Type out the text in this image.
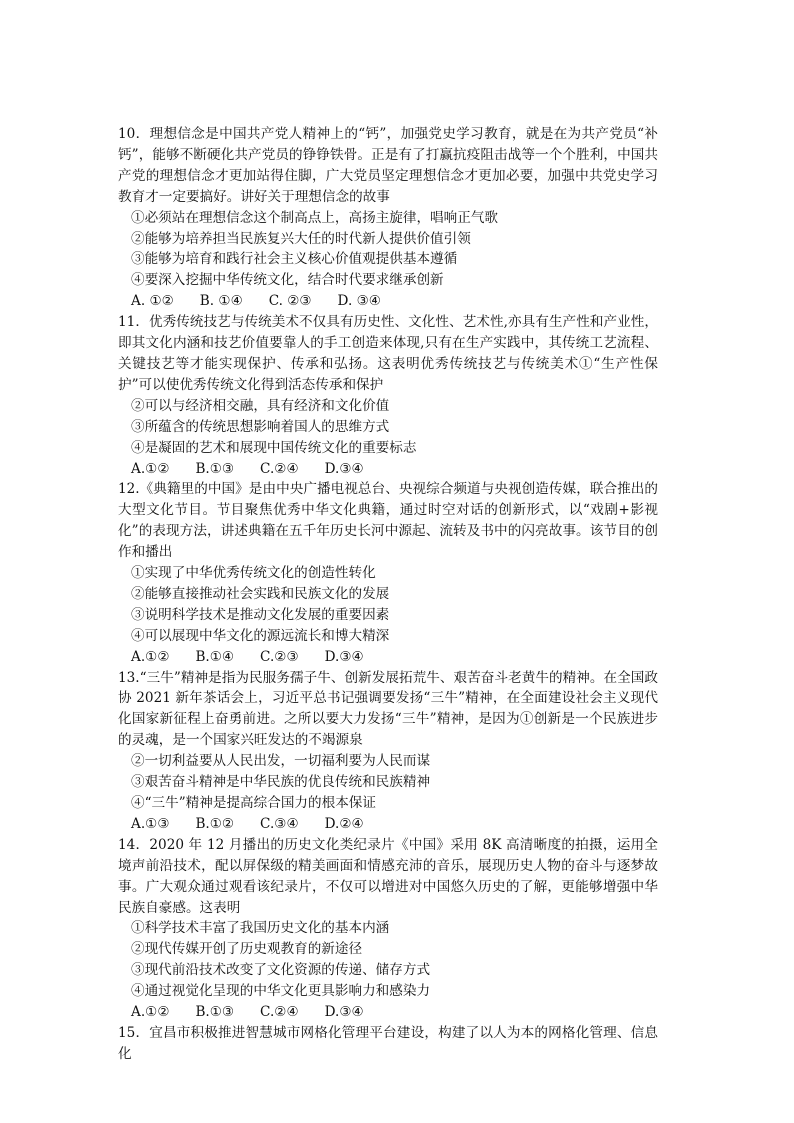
10．理想信念是中国共产党人精神上的“钙”，加强党史学习教育，就是在为共产党员“补钙”，能够不断硬化共产党员的铮铮铁骨。正是有了打赢抗疫阻击战等一个个胜利，中国共产党的理想信念才更加站得住脚，广大党员坚定理想信念才更加必要，加强中共党史学习教育才一定要搞好。讲好关于理想信念的故事

①必须站在理想信念这个制高点上，高扬主旋律，唱响正气歌

②能够为培养担当民族复兴大任的时代新人提供价值引领

③能够为培育和践行社会主义核心价值观提供基本遵循

④要深入挖掘中华传统文化，结合时代要求继承创新

A. ①②      B. ①④      C. ②③      D. ③④

11．优秀传统技艺与传统美术不仅具有历史性、文化性、艺术性,亦具有生产性和产业性，即其文化内涵和技艺价值要靠人的手工创造来体现,只有在生产实践中，其传统工艺流程、关键技艺等才能实现保护、传承和弘扬。这表明优秀传统技艺与传统美术①“生产性保护”可以使优秀传统文化得到活态传承和保护

②可以与经济相交融，具有经济和文化价值

③所蕴含的传统思想影响着国人的思维方式

④是凝固的艺术和展现中国传统文化的重要标志

A.①②      B.①③      C.②④      D.③④

12.《典籍里的中国》是由中央广播电视总台、央视综合频道与央视创造传媒，联合推出的大型文化节目。节目聚焦优秀中华文化典籍，通过时空对话的创新形式，以“戏剧+影视化”的表现方法，讲述典籍在五千年历史长河中源起、流转及书中的闪亮故事。该节目的创作和播出

①实现了中华优秀传统文化的创造性转化

②能够直接推动社会实践和民族文化的发展

③说明科学技术是推动文化发展的重要因素

④可以展现中华文化的源远流长和博大精深

A.①②      B.①④      C.②③      D.③④

13.“三牛”精神是指为民服务孺子牛、创新发展拓荒牛、艰苦奋斗老黄牛的精神。在全国政协 2021 新年茶话会上，习近平总书记强调要发扬“三牛”精神，在全面建设社会主义现代化国家新征程上奋勇前进。之所以要大力发扬“三牛”精神，是因为①创新是一个民族进步的灵魂，是一个国家兴旺发达的不竭源泉

②一切利益要从人民出发，一切福利要为人民而谋

③艰苦奋斗精神是中华民族的优良传统和民族精神

④“三牛”精神是提高综合国力的根本保证

A.①③      B.①②      C.③④      D.②④

14．2020 年 12 月播出的历史文化类纪录片《中国》采用 8K 高清晰度的拍摄，运用全境声前沿技术，配以屏保级的精美画面和情感充沛的音乐，展现历史人物的奋斗与逐梦故事。广大观众通过观看该纪录片，不仅可以增进对中国悠久历史的了解，更能够增强中华民族自豪感。这表明

①科学技术丰富了我国历史文化的基本内涵

②现代传媒开创了历史观教育的新途径

③现代前沿技术改变了文化资源的传递、储存方式

④通过视觉化呈现的中华文化更具影响力和感染力

A.①②      B.①③      C.②④      D.③④

15．宜昌市积极推进智慧城市网格化管理平台建设，构建了以人为本的网格化管理、信息化
